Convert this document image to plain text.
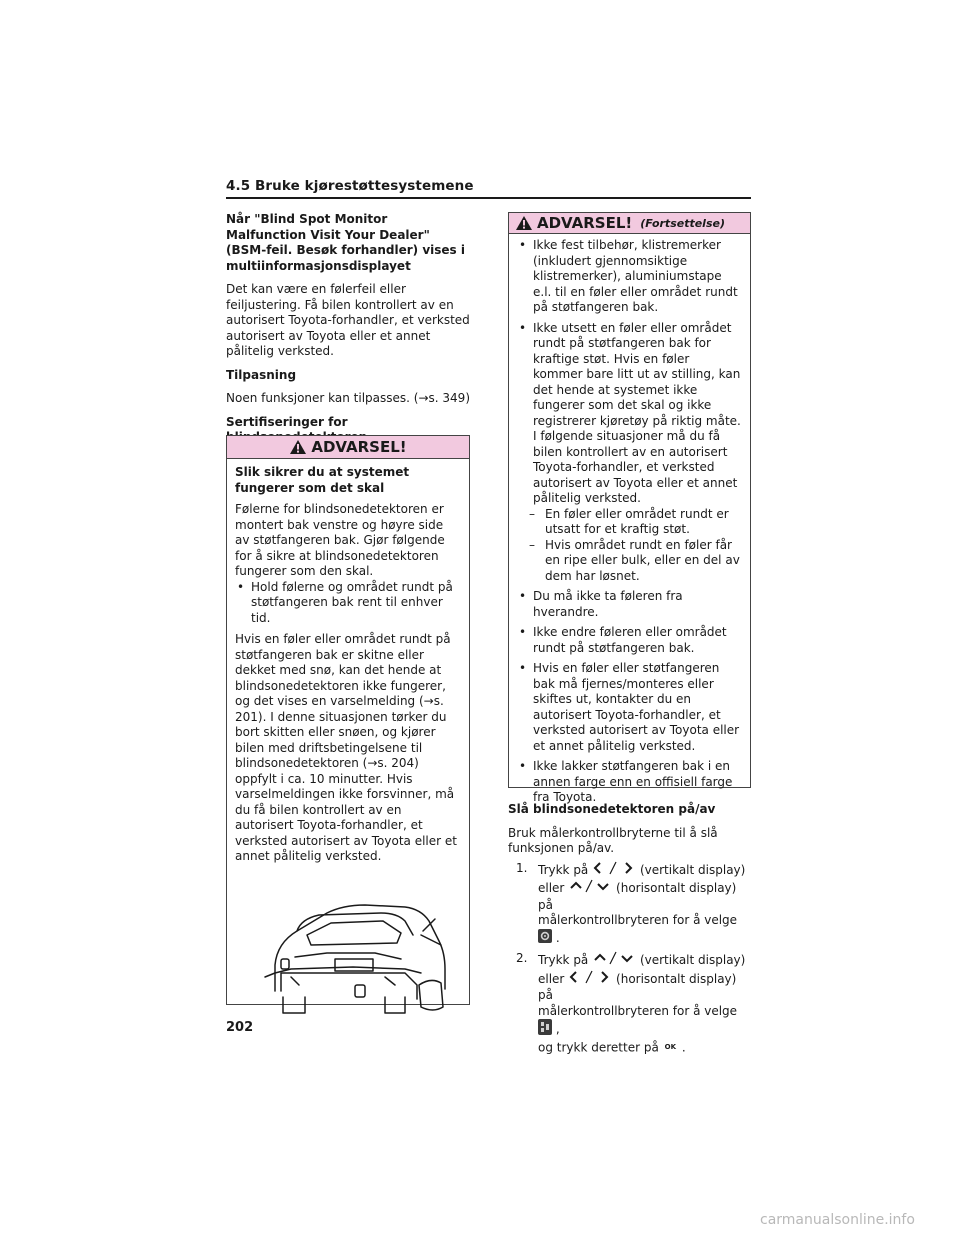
4.5 Bruke kjørestøttesystemene
Når "Blind Spot Monitor Malfunction Visit Your Dealer" (BSM-feil. Besøk forhandler) vises i multiinformasjonsdisplayet

Det kan være en følerfeil eller feiljustering. Få bilen kontrollert av en autorisert Toyota-forhandler, et verksted autorisert av Toyota eller et annet pålitelig verksted.

Tilpasning

Noen funksjoner kan tilpasses. (→s. 349)

Sertifiseringer for

ADVARSEL!
Slik sikrer du at systemet fungerer som det skal

Følerne for blindsonedetektoren er montert bak venstre og høyre side av støtfangeren bak. Gjør følgende for å sikre at blindsonedetektoren fungerer som den skal.

• Hold følerne og området rundt på støtfangeren bak rent til enhver tid.

Hvis en føler eller området rundt på støtfangeren bak er skitne eller dekket med snø, kan det hende at blindsonedetektoren ikke fungerer, og det vises en varselmelding (→s. 201). I denne situasjonen tørker du bort skitten eller snøen, og kjører bilen med driftsbetingelsene til blindsonedetektoren (→s. 204) oppfylt i ca. 10 minutter. Hvis varselmeldingen ikke forsvinner, må du få bilen kontrollert av en autorisert Toyota-forhandler, et verksted autorisert av Toyota eller et annet pålitelig verksted.

ADVARSEL! (Fortsettelse)
• Ikke fest tilbehør, klistremerker (inkludert gjennomsiktige klistremerker), aluminiumstape e.l. til en føler eller området rundt på støtfangeren bak.
• Ikke utsett en føler eller området rundt på støtfangeren bak for kraftige støt. Hvis en føler kommer bare litt ut av stilling, kan det hende at systemet ikke fungerer som det skal og ikke registrerer kjøretøy på riktig måte. I følgende situasjoner må du få bilen kontrollert av en autorisert Toyota-forhandler, et verksted autorisert av Toyota eller et annet pålitelig verksted.
– En føler eller området rundt er utsatt for et kraftig støt.
– Hvis området rundt en føler får en ripe eller bulk, eller en del av dem har løsnet.
• Du må ikke ta føleren fra hverandre.
• Ikke endre føleren eller området rundt på støtfangeren bak.
• Hvis en føler eller støtfangeren bak må fjernes/monteres eller skiftes ut, kontakter du en autorisert Toyota-forhandler, et verksted autorisert av Toyota eller et annet pålitelig verksted.
• Ikke lakker støtfangeren bak i en annen farge enn en offisiell farge fra Toyota.
Slå blindsonedetektoren på/av

Bruk målerkontrollbryterne til å slå funksjonen på/av.

1. Trykk på	(vertikalt display)
eller	(horisontalt display) på
målerkontrollbryteren for å velge  .
2. Trykk på	(vertikalt display)
eller	(horisontalt display) på
målerkontrollbryteren for å velge  ,
og trykk deretter på OK .
202
carmanualsonline.info
